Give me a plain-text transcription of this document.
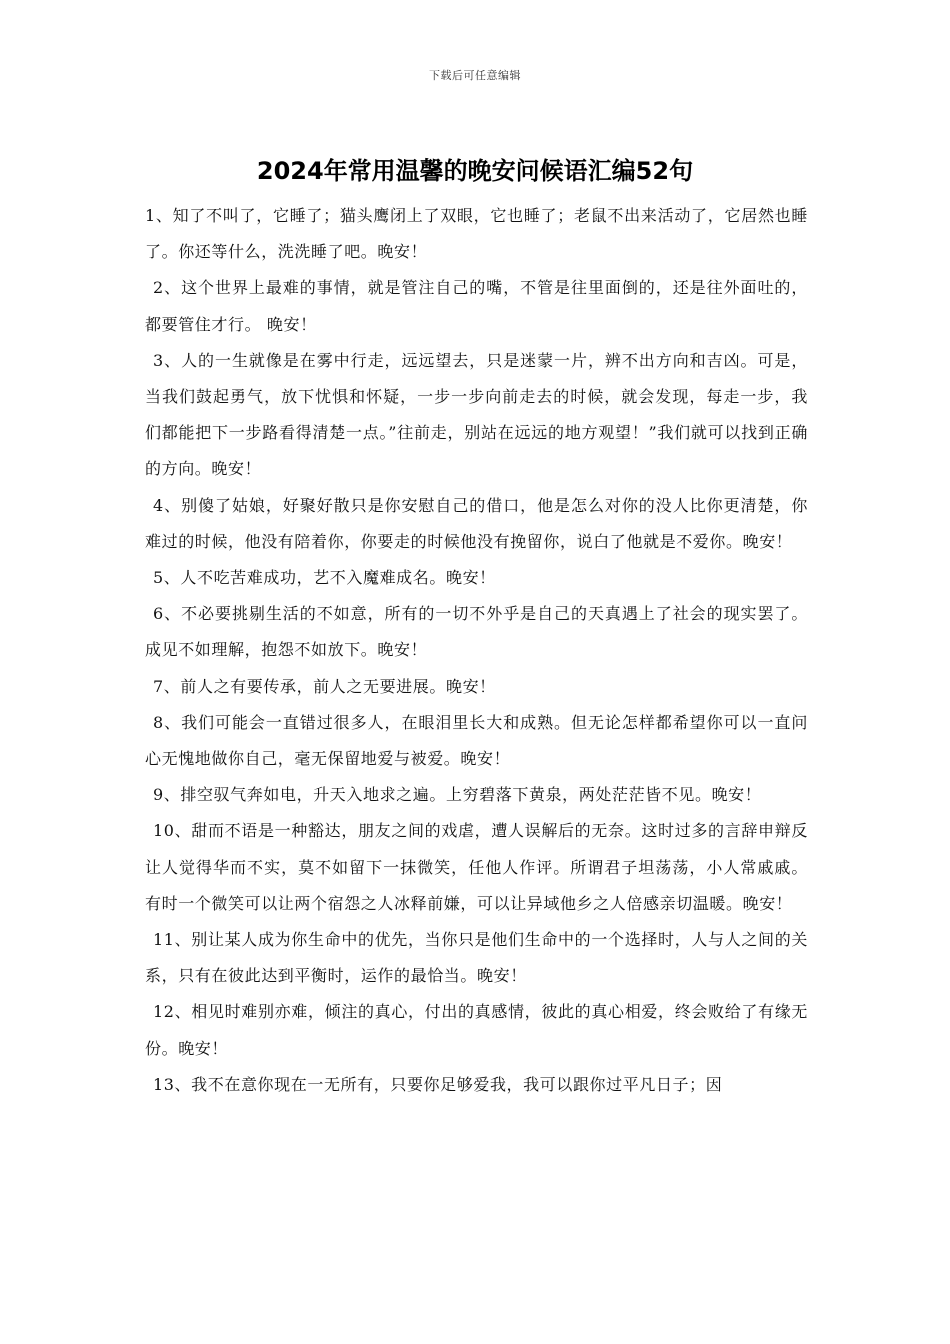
下载后可任意编辑
2024年常用温馨的晚安问候语汇编52句

1、知了不叫了，它睡了；猫头鹰闭上了双眼，它也睡了；老鼠不出来活动了，它居然也睡了。你还等什么，洗洗睡了吧。晚安！

2、这个世界上最难的事情，就是管注自己的嘴，不管是往里面倒的，还是往外面吐的，都要管住才行。 晚安！

3、人的一生就像是在雾中行走，远远望去，只是迷蒙一片，辨不出方向和吉凶。可是，当我们鼓起勇气，放下忧惧和怀疑，一步一步向前走去的时候，就会发现，每走一步，我们都能把下一步路看得清楚一点。”往前走，别站在远远的地方观望！”我们就可以找到正确的方向。晚安！

4、别傻了姑娘，好聚好散只是你安慰自己的借口，他是怎么对你的没人比你更清楚，你难过的时候，他没有陪着你，你要走的时候他没有挽留你，说白了他就是不爱你。晚安！

5、人不吃苦难成功，艺不入魔难成名。晚安！

6、不必要挑剔生活的不如意，所有的一切不外乎是自己的天真遇上了社会的现实罢了。成见不如理解，抱怨不如放下。晚安！

7、前人之有要传承，前人之无要进展。晚安！

8、我们可能会一直错过很多人，在眼泪里长大和成熟。但无论怎样都希望你可以一直问心无愧地做你自己，毫无保留地爱与被爱。晚安！

9、排空驭气奔如电，升天入地求之遍。上穷碧落下黄泉，两处茫茫皆不见。晚安！

10、甜而不语是一种豁达，朋友之间的戏虐，遭人误解后的无奈。这时过多的言辞申辩反让人觉得华而不实，莫不如留下一抹微笑，任他人作评。所谓君子坦荡荡，小人常戚戚。有时一个微笑可以让两个宿怨之人冰释前嫌，可以让异域他乡之人倍感亲切温暖。晚安！

11、别让某人成为你生命中的优先，当你只是他们生命中的一个选择时，人与人之间的关系，只有在彼此达到平衡时，运作的最恰当。晚安！

12、相见时难别亦难，倾注的真心，付出的真感情，彼此的真心相爱，终会败给了有缘无份。晚安！

13、我不在意你现在一无所有，只要你足够爱我，我可以跟你过平凡日子；因
